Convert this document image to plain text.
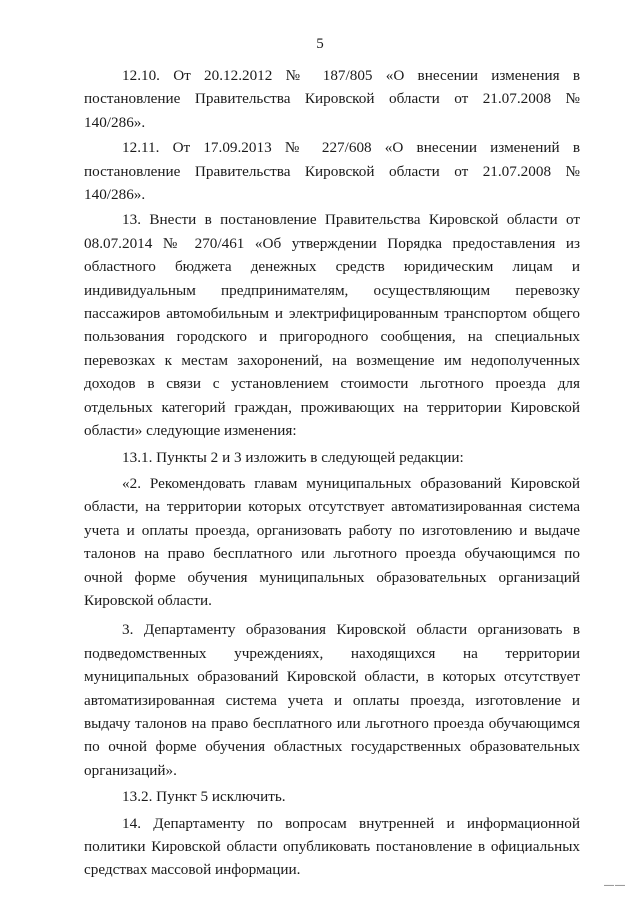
5

12.10. От 20.12.2012 № 187/805 «О внесении изменения в постановление Правительства Кировской области от 21.07.2008 № 140/286».

12.11. От 17.09.2013 № 227/608 «О внесении изменений в постановление Правительства Кировской области от 21.07.2008 № 140/286».

13. Внести в постановление Правительства Кировской области от 08.07.2014 № 270/461 «Об утверждении Порядка предоставления из областного бюджета денежных средств юридическим лицам и индивидуальным предпринимателям, осуществляющим перевозку пассажиров автомобильным и электрифицированным транспортом общего пользования городского и пригородного сообщения, на специальных перевозках к местам захоронений, на возмещение им недополученных доходов в связи с установлением стоимости льготного проезда для отдельных категорий граждан, проживающих на территории Кировской области» следующие изменения:

13.1. Пункты 2 и 3 изложить в следующей редакции:

«2. Рекомендовать главам муниципальных образований Кировской области, на территории которых отсутствует автоматизированная система учета и оплаты проезда, организовать работу по изготовлению и выдаче талонов на право бесплатного или льготного проезда обучающимся по очной форме обучения муниципальных образовательных организаций Кировской области.

3. Департаменту образования Кировской области организовать в подведомственных учреждениях, находящихся на территории муниципальных образований Кировской области, в которых отсутствует автоматизированная система учета и оплаты проезда, изготовление и выдачу талонов на право бесплатного или льготного проезда обучающимся по очной форме обучения областных государственных образовательных организаций».

13.2. Пункт 5 исключить.

14. Департаменту по вопросам внутренней и информационной политики Кировской области опубликовать постановление в официальных средствах массовой информации.

——
